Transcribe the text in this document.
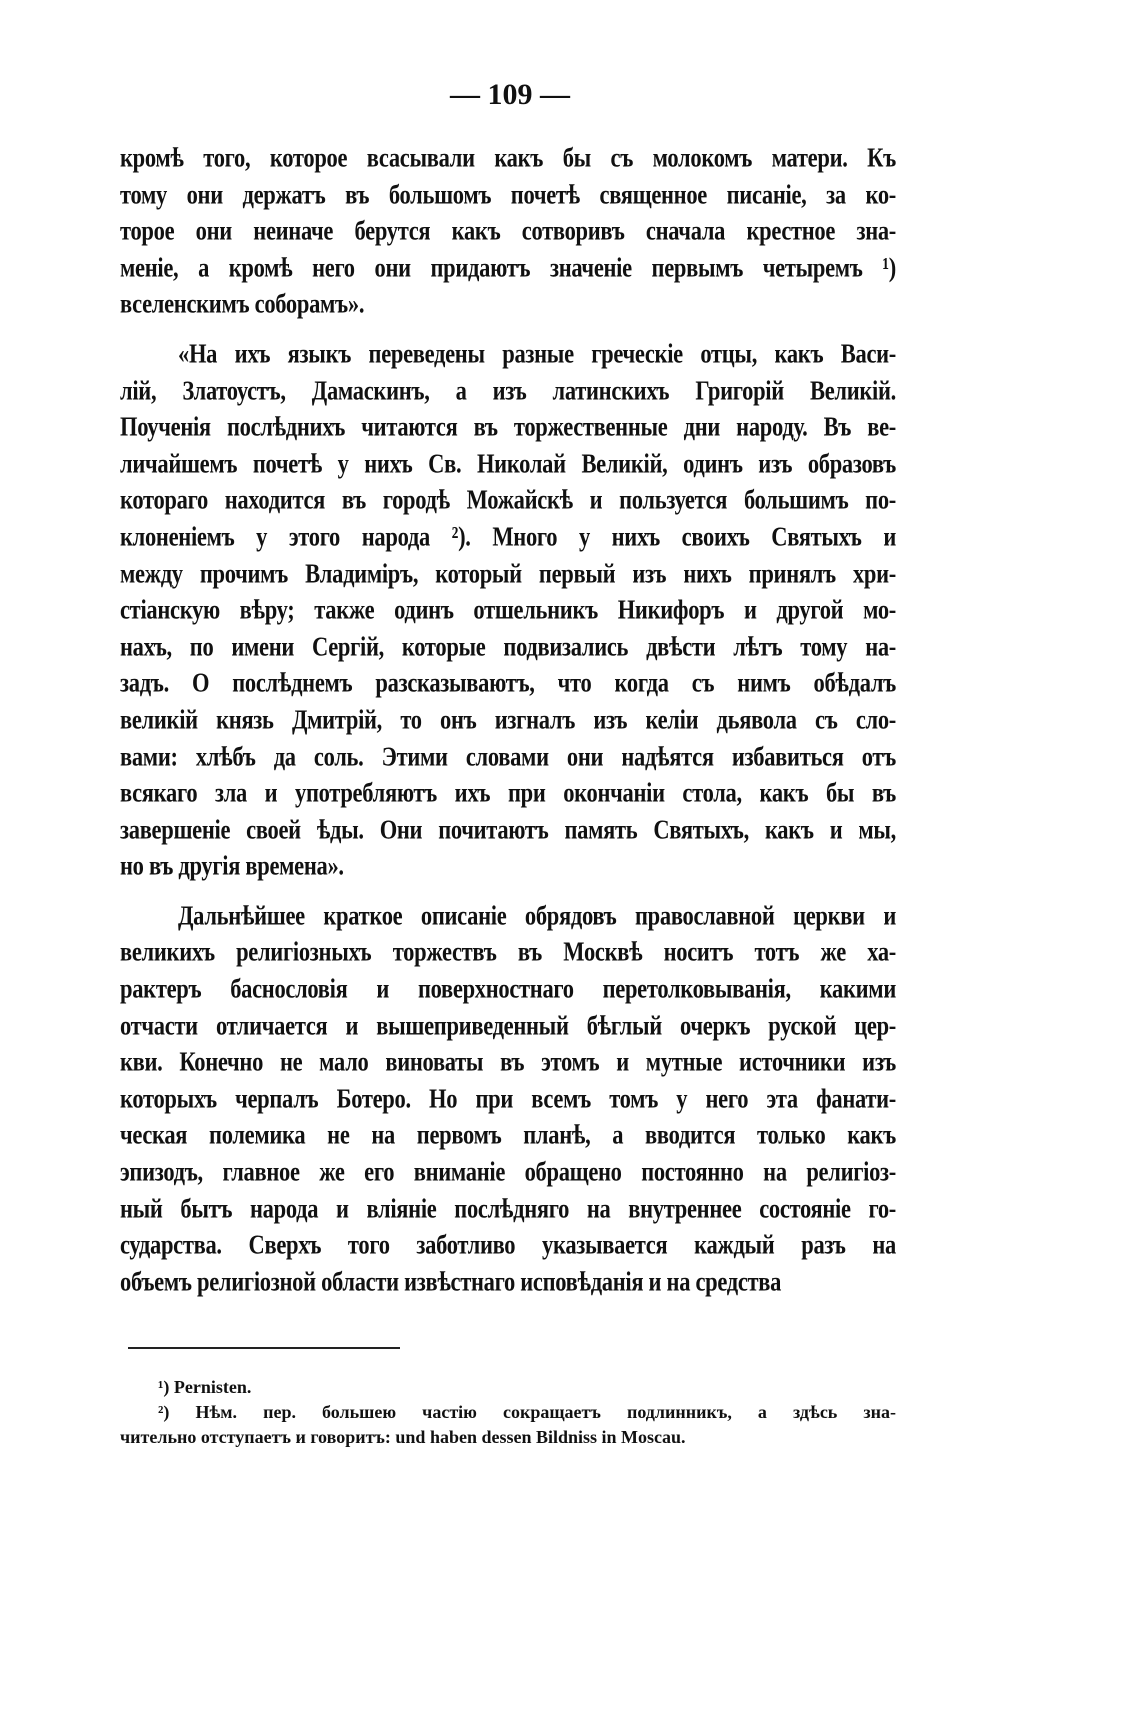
— 109 —
кромѣ того, которое всасывали какъ бы съ молокомъ матери. Къ
тому они держатъ въ большомъ почетѣ священное писаніе, за ко-
торое они неиначе берутся какъ сотворивъ сначала крестное зна-
меніе, а кромѣ него они придаютъ значеніе первымъ четыремъ ¹)
вселенскимъ соборамъ».
«На ихъ языкъ переведены разные греческіе отцы, какъ Васи-
лій, Златоустъ, Дамаскинъ, а изъ латинскихъ Григорій Великій.
Поученія послѣднихъ читаются въ торжественные дни народу. Въ ве-
личайшемъ почетѣ у нихъ Св. Николай Великій, одинъ изъ образовъ
котораго находится въ городѣ Можайскѣ и пользуется большимъ по-
клоненіемъ у этого народа ²). Много у нихъ своихъ Святыхъ и
между прочимъ Владиміръ, который первый изъ нихъ принялъ хри-
стіанскую вѣру; также одинъ отшельникъ Никифоръ и другой мо-
нахъ, по имени Сергій, которые подвизались двѣсти лѣтъ тому на-
задъ. О послѣднемъ разсказываютъ, что когда съ нимъ обѣдалъ
великій князь Дмитрій, то онъ изгналъ изъ келіи дьявола съ сло-
вами: хлѣбъ да соль. Этими словами они надѣятся избавиться отъ
всякаго зла и употребляютъ ихъ при окончаніи стола, какъ бы въ
завершеніе своей ѣды. Они почитаютъ память Святыхъ, какъ и мы,
но въ другія времена».
Дальнѣйшее краткое описаніе обрядовъ православной церкви и
великихъ религіозныхъ торжествъ въ Москвѣ носитъ тотъ же ха-
рактеръ баснословія и поверхностнаго перетолковыванія, какими
отчасти отличается и вышеприведенный бѣглый очеркъ руской цер-
кви. Конечно не мало виноваты въ этомъ и мутные источники изъ
которыхъ черпалъ Ботеро. Но при всемъ томъ у него эта фанати-
ческая полемика не на первомъ планѣ, а вводится только какъ
эпизодъ, главное же его вниманіе обращено постоянно на религіоз-
ный бытъ народа и вліяніе послѣдняго на внутреннее состояніе го-
сударства. Сверхъ того заботливо указывается каждый разъ на
объемъ религіозной области извѣстнаго исповѣданія и на средства
¹) Pernisten.
²) Нѣм. пер. большею частію сокращаетъ подлинникъ, а здѣсь зна-
чительно отступаетъ и говоритъ: und haben dessen Bildniss in Moscau.
